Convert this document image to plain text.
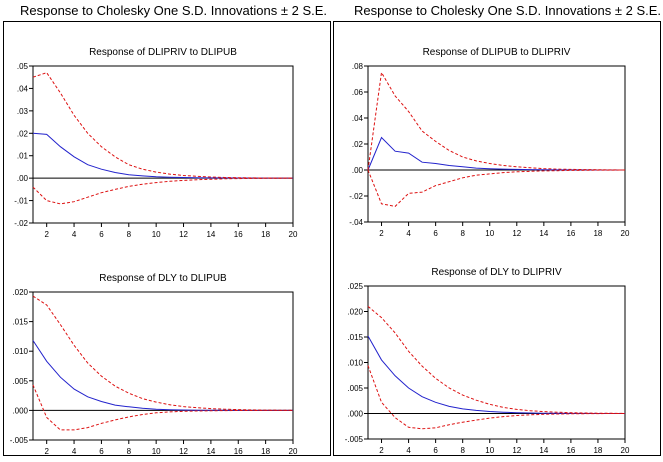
Response to Cholesky One S.D. Innovations ± 2 S.E. Response to Cholesky One S.D. Innovations ± 2 S.E.
Response of DLIPRIV to DLIPUB
.05
.04
.03
.02
.01
.00
-.01
-.02
2	4	6	8	10 12 14 16 18 20
Response of DLIPUB to DLIPRIV
.08
.06
.04
.02
.00
-.02
-.04
2	4	6	8	10 12 14 16 18 20
Response of DLY to DLIPUB
.020
.015
.010
.005
.000
-.005
2	4	6	8	10 12 14 16 18 20
Response of DLY to DLIPRIV
.025
.020
.015
.010
.005
.000
-.005
2	4	6	8	10 12 14 16 18 20
